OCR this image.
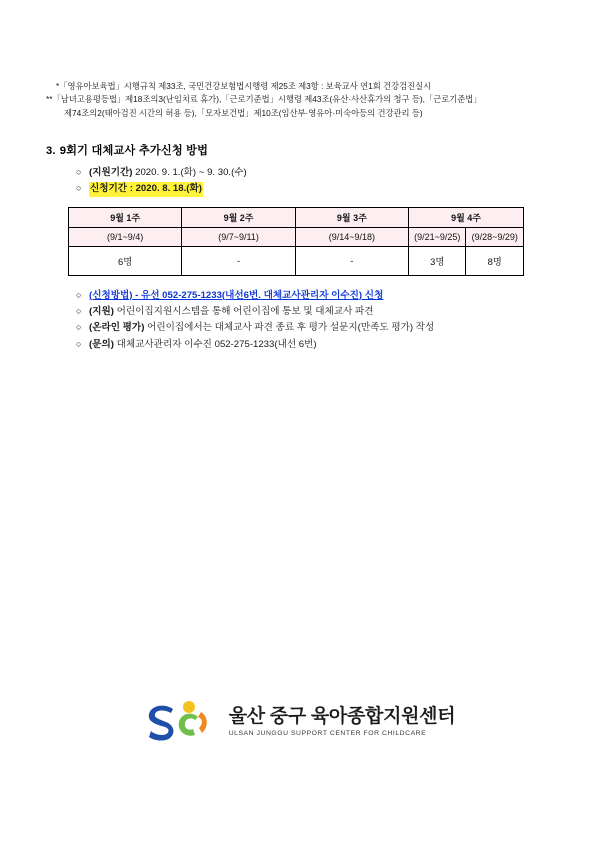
*「영유아보육법」시행규칙 제33조, 국민건강보험법시행령 제25조 제3항 : 보육교사 연1회 건강검진실시
**「남녀고용평등법」제18조의3(난임치료 휴가),「근로기준법」시행령 제43조(유산·사산휴가의 청구 등),「근로기준법」
제74조의2(태아검진 시간의 허용 등),「모자보건법」제10조(임산부·영유아·미숙아등의 건강관리 등)
3. 9회기 대체교사 추가신청 방법
○ (지원기간) 2020. 9. 1.(화) ~ 9. 30.(수)
○ 신청기간 : 2020. 8. 18.(화)
9월 1주	9월 2주	9월 3주	9월 4주	
(9/1~9/4)	(9/7~9/11)	(9/14~9/18)	(9/21~9/25)	(9/28~9/29)
6명	-	-	3명	8명
○ (신청방법) - 유선 052-275-1233(내선6번. 대체교사관리자 이수진) 신청
○ (지원) 어린이집지원시스템을 통해 어린이집에 통보 및 대체교사 파견
○ (온라인 평가) 어린이집에서는 대체교사 파견 종료 후 평가 설문지(만족도 평가) 작성
○ (문의) 대체교사관리자 이수진 052-275-1233(내선 6번)
울산 중구 육아종합지원센터
ULSAN JUNGGU SUPPORT CENTER FOR CHILDCARE
